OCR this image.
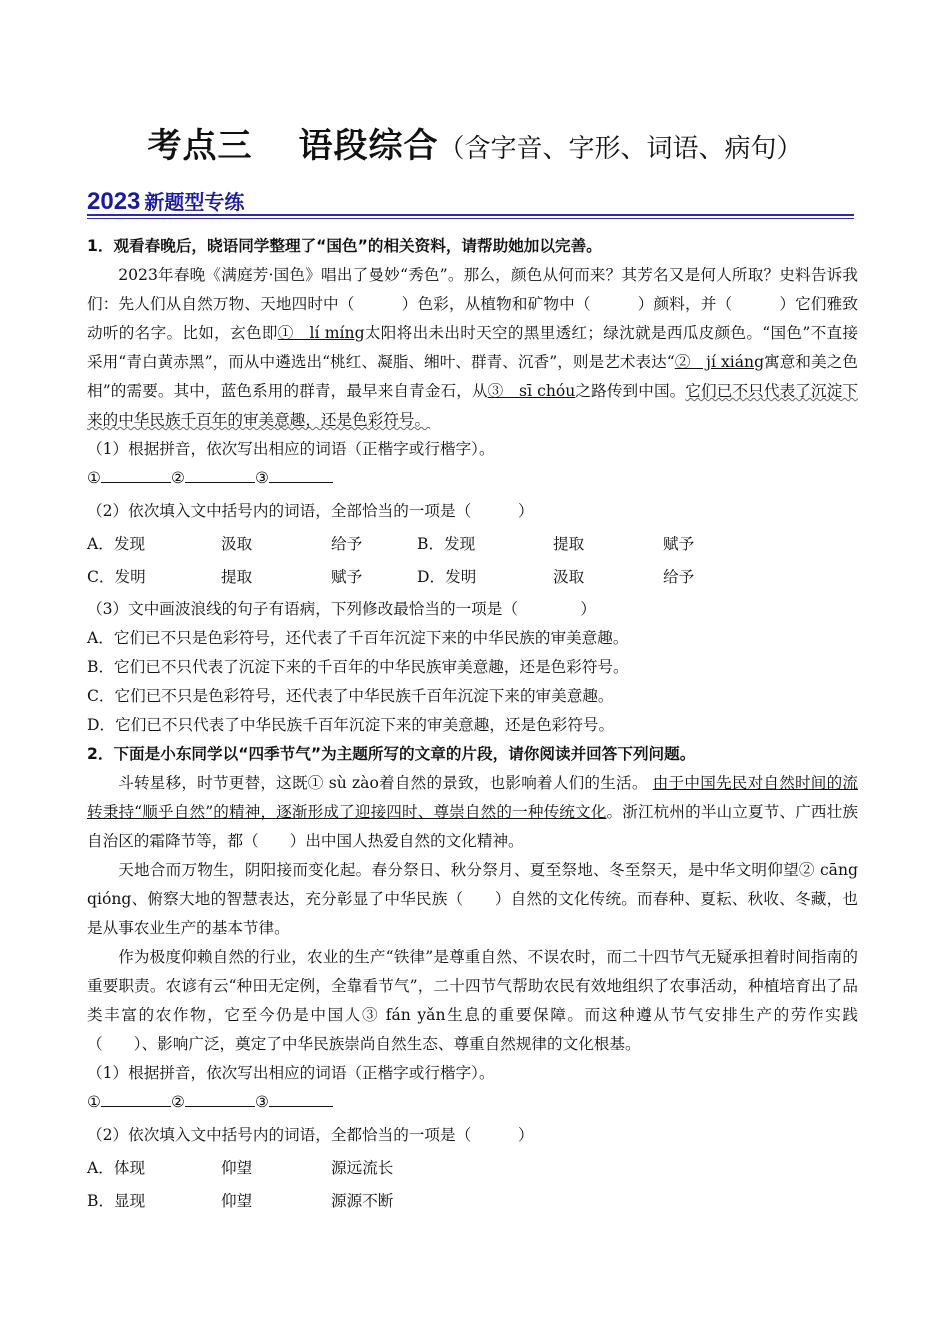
考点三 语段综合（含字音、字形、词语、病句）
2023 新题型专练

1．观看春晚后，晓语同学整理了“国色”的相关资料，请帮助她加以完善。

2023年春晚《满庭芳·国色》唱出了曼妙“秀色”。那么，颜色从何而来？其芳名又是何人所取？史料告诉我们：先人们从自然万物、天地四时中（　　　）色彩，从植物和矿物中（　　　）颜料，并（　　　）它们雅致动听的名字。比如，玄色即①　lí míng太阳将出未出时天空的黑里透红；绿沈就是西瓜皮颜色。“国色”不直接采用“青白黄赤黑”，而从中遴选出“桃红、凝脂、缃叶、群青、沉香”，则是艺术表达“②　jí xiáng寓意和美之色相”的需要。其中，蓝色系用的群青，最早来自青金石，从③　sī chóu之路传到中国。它们已不只代表了沉淀下来的中华民族千百年的审美意趣，还是色彩符号。

（1）根据拼音，依次写出相应的词语（正楷字或行楷字）。

①	②	③

（2）依次填入文中括号内的词语，全部恰当的一项是（　　　）

A．发现	汲取	给予	B．发现	提取	赋予
C．发明	提取	赋予	D．发明	汲取	给予

（3）文中画波浪线的句子有语病，下列修改最恰当的一项是（　　　　）

A．它们已不只是色彩符号，还代表了千百年沉淀下来的中华民族的审美意趣。

B．它们已不只代表了沉淀下来的千百年的中华民族审美意趣，还是色彩符号。

C．它们已不只是色彩符号，还代表了中华民族千百年沉淀下来的审美意趣。

D．它们已不只代表了中华民族千百年沉淀下来的审美意趣，还是色彩符号。

2．下面是小东同学以“四季节气”为主题所写的文章的片段，请你阅读并回答下列问题。

斗转星移，时节更替，这既① sù zào着自然的景致，也影响着人们的生活。 由于中国先民对自然时间的流转秉持“顺乎自然”的精神，逐渐形成了迎接四时、尊崇自然的一种传统文化。浙江杭州的半山立夏节、广西壮族自治区的霜降节等，都（　　）出中国人热爱自然的文化精神。

天地合而万物生，阴阳接而变化起。春分祭日、秋分祭月、夏至祭地、冬至祭天，是中华文明仰望② cāng qióng、俯察大地的智慧表达，充分彰显了中华民族（　　）自然的文化传统。而春种、夏耘、秋收、冬藏，也是从事农业生产的基本节律。

作为极度仰赖自然的行业，农业的生产“铁律”是尊重自然、不误农时，而二十四节气无疑承担着时间指南的重要职责。农谚有云“种田无定例，全靠看节气”，二十四节气帮助农民有效地组织了农事活动，种植培育出了品类丰富的农作物，它至今仍是中国人③ fán yǎn生息的重要保障。而这种遵从节气安排生产的劳作实践（　　）、影响广泛，奠定了中华民族崇尚自然生态、尊重自然规律的文化根基。

（1）根据拼音，依次写出相应的词语（正楷字或行楷字）。

①	②	③

（2）依次填入文中括号内的词语，全都恰当的一项是（　　　）

A．体现	仰望	源远流长
B．显现	仰望	源源不断
